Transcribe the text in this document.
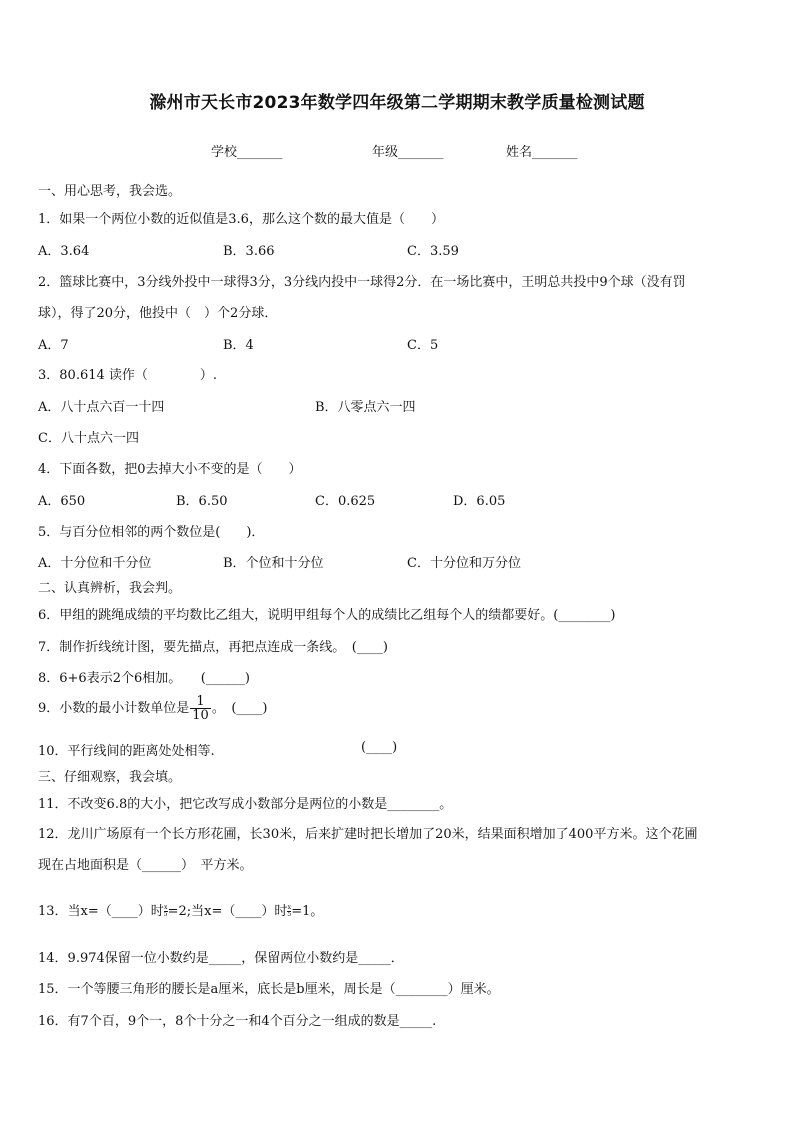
滁州市天长市2023年数学四年级第二学期期末教学质量检测试题
学校_______	年级_______	姓名_______
一、用心思考，我会选。
1．如果一个两位小数的近似值是3.6，那么这个数的最大值是（　　）
A．3.64	B．3.66	C．3.59
2．篮球比赛中，3分线外投中一球得3分，3分线内投中一球得2分．在一场比赛中，王明总共投中9个球（没有罚
球），得了20分，他投中（　）个2分球．
A．7	B．4	C．5
3．80.614 读作（　　　　）.
A．八十点六百一十四	B．八零点六一四
C．八十点六一四
4．下面各数，把0去掉大小不变的是（　　）
A．650	B．6.50	C．0.625	D．6.05
5．与百分位相邻的两个数位是(　　)．
A．十分位和千分位	B．个位和十分位	C．十分位和万分位
二、认真辨析，我会判。
6．甲组的跳绳成绩的平均数比乙组大，说明甲组每个人的成绩比乙组每个人的绩都要好。(________)
7．制作折线统计图，要先描点，再把点连成一条线。　(____)
8．6+6表示2个6相加。　　(______)
9．小数的最小计数单位是 $\frac{1}{10}$ 。　(____)
10．平行线间的距离处处相等.	(____)
三、仔细观察，我会填。
11．不改变6.8的大小，把它改写成小数部分是两位的小数是________。
12．龙川广场原有一个长方形花圃，长30米，后来扩建时把长增加了20米，结果面积增加了400平方米。这个花圃
现在占地面积是（______）　平方米。
13．当x=（____）时 $\frac{x}{5} =2$;当x=（____）时 $\frac{x}{5} =1$。
14．9.974保留一位小数约是_____，保留两位小数约是_____．
15．一个等腰三角形的腰长是a厘米，底长是b厘米，周长是（________）厘米。
16．有7个百，9个一，8个十分之一和4个百分之一组成的数是_____.
